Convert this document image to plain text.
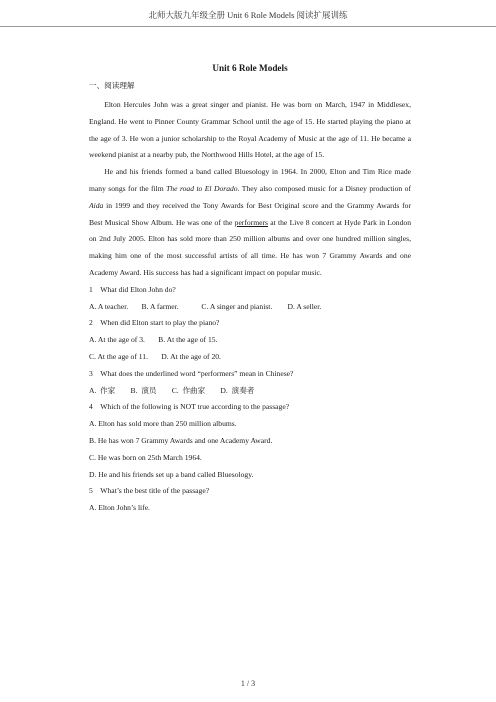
北师大版九年级全册 Unit 6 Role Models 阅读扩展训练
Unit 6 Role Models
一、阅读理解

Elton Hercules John was a great singer and pianist. He was born on March, 1947 in Middlesex, England. He went to Pinner County Grammar School until the age of 15. He started playing the piano at the age of 3. He won a junior scholarship to the Royal Academy of Music at the age of 11. He became a weekend pianist at a nearby pub, the Northwood Hills Hotel, at the age of 15.

He and his friends formed a band called Bluesology in 1964. In 2000, Elton and Tim Rice made many songs for the film The road to El Dorado. They also composed music for a Disney production of Aida in 1999 and they received the Tony Awards for Best Original score and the Grammy Awards for Best Musical Show Album. He was one of the performers at the Live 8 concert at Hyde Park in London on 2nd July 2005. Elton has sold more than 250 million albums and over one hundred million singles, making him one of the most successful artists of all time. He has won 7 Grammy Awards and one Academy Award. His success has had a significant impact on popular music.

1    What did Elton John do?
A. A teacher.       B. A farmer.            C. A singer and pianist.        D. A seller.
2    When did Elton start to play the piano?
A. At the age of 3.       B. At the age of 15.
C. At the age of 11.       D. At the age of 20.
3    What does the underlined word “performers” mean in Chinese?
A.  作家        B.  演员        C.  作曲家        D.  演奏者
4    Which of the following is NOT true according to the passage?
A. Elton has sold more than 250 million albums.
B. He has won 7 Grammy Awards and one Academy Award.
C. He was born on 25th March 1964.
D. He and his friends set up a band called Bluesology.
5    What’s the best title of the passage?
A. Elton John’s life.
1 / 3
